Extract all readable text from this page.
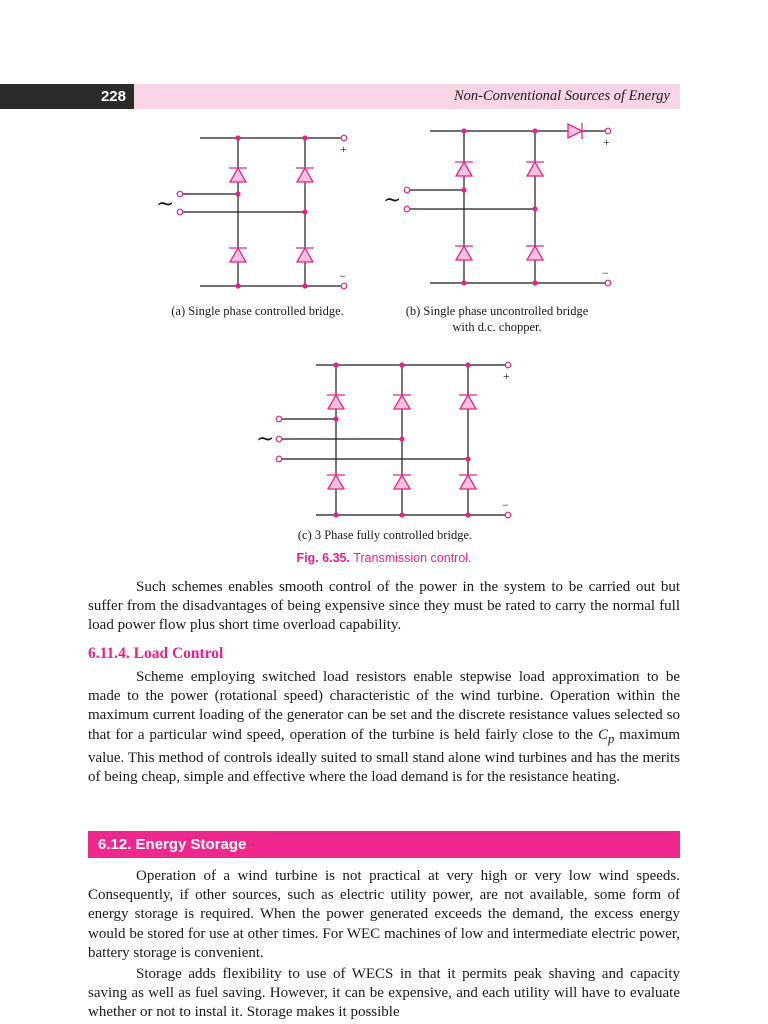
228	Non-Conventional Sources of Energy
+
−
+
−
+
−
~	~
~
(a) Single phase controlled bridge.	(b) Single phase uncontrolled bridge
with d.c. chopper.
(c) 3 Phase fully controlled bridge.
Fig. 6.35. Transmission control.
Such schemes enables smooth control of the power in the system to be carried out but suffer from the disadvantages of being expensive since they must be rated to carry the normal full load power flow plus short time overload capability.
6.11.4. Load Control
Scheme employing switched load resistors enable stepwise load approximation to be made to the power (rotational speed) characteristic of the wind turbine. Operation within the maximum current loading of the generator can be set and the discrete resistance values selected so that for a particular wind speed, operation of the turbine is held fairly close to the $C_p$ maximum value. This method of controls ideally suited to small stand alone wind turbines and has the merits of being cheap, simple and effective where the load demand is for the resistance heating.
6.12. Energy Storage
Operation of a wind turbine is not practical at very high or very low wind speeds. Consequently, if other sources, such as electric utility power, are not available, some form of energy storage is required. When the power generated exceeds the demand, the excess energy would be stored for use at other times. For WEC machines of low and intermediate electric power, battery storage is convenient.
Storage adds flexibility to use of WECS in that it permits peak shaving and capacity saving as well as fuel saving. However, it can be expensive, and each utility will have to evaluate whether or not to instal it. Storage makes it possible
